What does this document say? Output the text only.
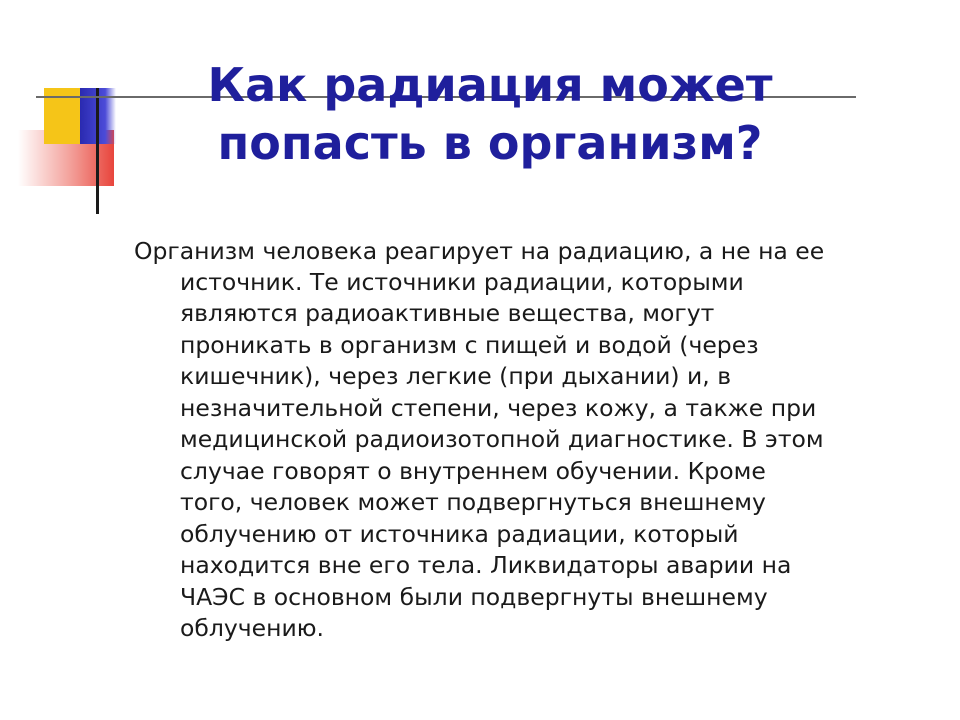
Как радиация может попасть в организм?

Организм человека реагирует на радиацию, а не на ее источник. Те источники радиации, которыми являются радиоактивные вещества, могут проникать в организм с пищей и водой (через кишечник), через легкие (при дыхании) и, в незначительной степени, через кожу, а также при медицинской радиоизотопной диагностике. В этом случае говорят о внутреннем обучении. Кроме того, человек может подвергнуться внешнему облучению от источника радиации, который находится вне его тела. Ликвидаторы аварии на ЧАЭС в основном были подвергнуты внешнему облучению.
